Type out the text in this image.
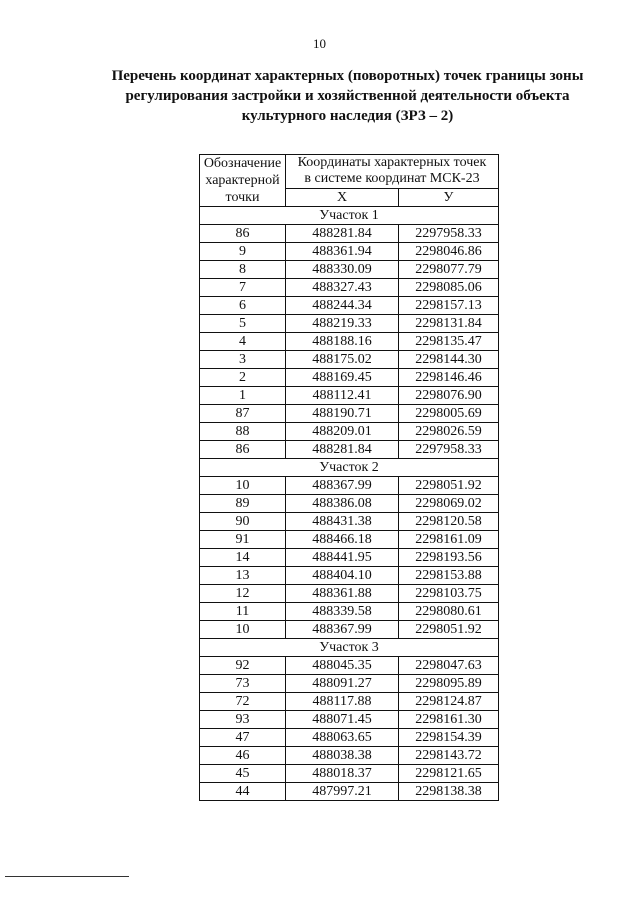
10
Перечень координат характерных (поворотных) точек границы зоны
регулирования застройки и хозяйственной деятельности объекта
культурного наследия (ЗРЗ – 2)
Обозначение
характерной
точки	Координаты характерных точек
в системе координат МСК-23	

	X	У
Участок 1		
86	488281.84	2297958.33
9	488361.94	2298046.86
8	488330.09	2298077.79
7	488327.43	2298085.06
6	488244.34	2298157.13
5	488219.33	2298131.84
4	488188.16	2298135.47
3	488175.02	2298144.30
2	488169.45	2298146.46
1	488112.41	2298076.90
87	488190.71	2298005.69
88	488209.01	2298026.59
86	488281.84	2297958.33
Участок 2		
10	488367.99	2298051.92
89	488386.08	2298069.02
90	488431.38	2298120.58
91	488466.18	2298161.09
14	488441.95	2298193.56
13	488404.10	2298153.88
12	488361.88	2298103.75
11	488339.58	2298080.61
10	488367.99	2298051.92
Участок 3		
92	488045.35	2298047.63
73	488091.27	2298095.89
72	488117.88	2298124.87
93	488071.45	2298161.30
47	488063.65	2298154.39
46	488038.38	2298143.72
45	488018.37	2298121.65
44	487997.21	2298138.38
